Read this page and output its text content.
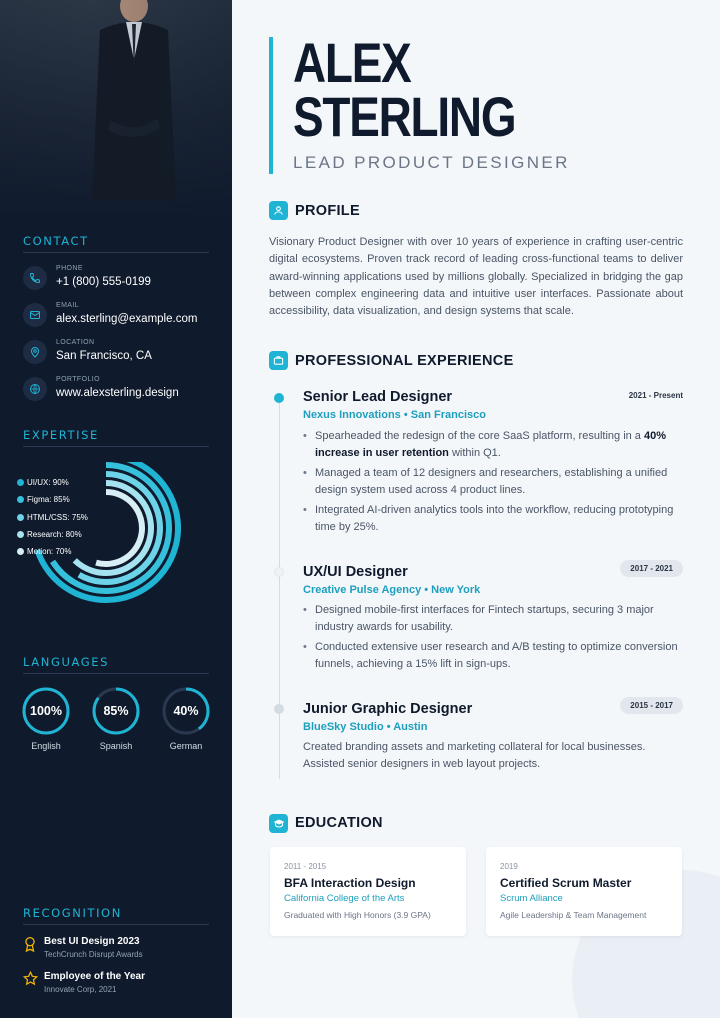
CONTACT
PHONE
+1 (800) 555-0199
EMAIL
alex.sterling@example.com
LOCATION
San Francisco, CA
PORTFOLIO
www.alexsterling.design
EXPERTISE
UI/UX: 90%
Figma: 85%
HTML/CSS: 75%
Research: 80%
Motion: 70%
LANGUAGES
100%
English
85%
Spanish
40%
German
RECOGNITION
Best UI Design 2023
TechCrunch Disrupt Awards
Employee of the Year
Innovate Corp, 2021
ALEX
STERLING
LEAD PRODUCT DESIGNER
PROFILE
Visionary Product Designer with over 10 years of experience in crafting user-centric digital ecosystems. Proven track record of leading cross-functional teams to deliver award-winning applications used by millions globally. Specialized in bridging the gap between complex engineering data and intuitive user interfaces. Passionate about accessibility, data visualization, and design systems that scale.
PROFESSIONAL EXPERIENCE
Senior Lead Designer
Nexus Innovations • San Francisco
2021 - Present
• Spearheaded the redesign of the core SaaS platform, resulting in a 40% increase in user retention within Q1.
• Managed a team of 12 designers and researchers, establishing a unified design system used across 4 product lines.
• Integrated AI-driven analytics tools into the workflow, reducing prototyping time by 25%.
UX/UI Designer
Creative Pulse Agency • New York
2017 - 2021
• Designed mobile-first interfaces for Fintech startups, securing 3 major industry awards for usability.
• Conducted extensive user research and A/B testing to optimize conversion funnels, achieving a 15% lift in sign-ups.
Junior Graphic Designer
BlueSky Studio • Austin
2015 - 2017
Created branding assets and marketing collateral for local businesses. Assisted senior designers in web layout projects.
EDUCATION
2011 - 2015
BFA Interaction Design
California College of the Arts
Graduated with High Honors (3.9 GPA)
2019
Certified Scrum Master
Scrum Alliance
Agile Leadership & Team Management
